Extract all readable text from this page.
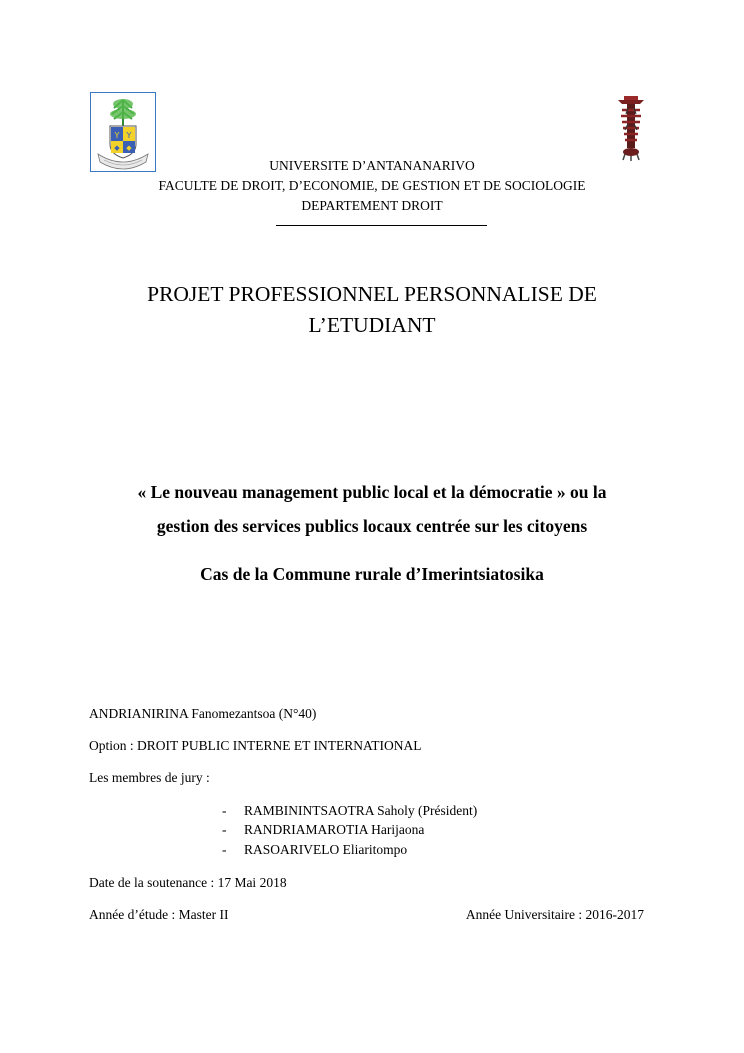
Y Y
◆ ◆
UNIVERSITE D’ANTANANARIVO
FACULTE DE DROIT, D’ECONOMIE, DE GESTION ET DE SOCIOLOGIE
DEPARTEMENT DROIT
PROJET PROFESSIONNEL PERSONNALISE DE
L’ETUDIANT
« Le nouveau management public local et la démocratie » ou la
gestion des services publics locaux centrée sur les citoyens
Cas de la Commune rurale d’Imerintsiatosika
ANDRIANIRINA Fanomezantsoa (N°40)
Option : DROIT PUBLIC INTERNE ET INTERNATIONAL
Les membres de jury :
- RAMBININTSAOTRA Saholy (Président)
- RANDRIAMAROTIA Harijaona
- RASOARIVELO Eliaritompo
Date de la soutenance : 17 Mai 2018
Année d’étude : Master II	Année Universitaire : 2016-2017
